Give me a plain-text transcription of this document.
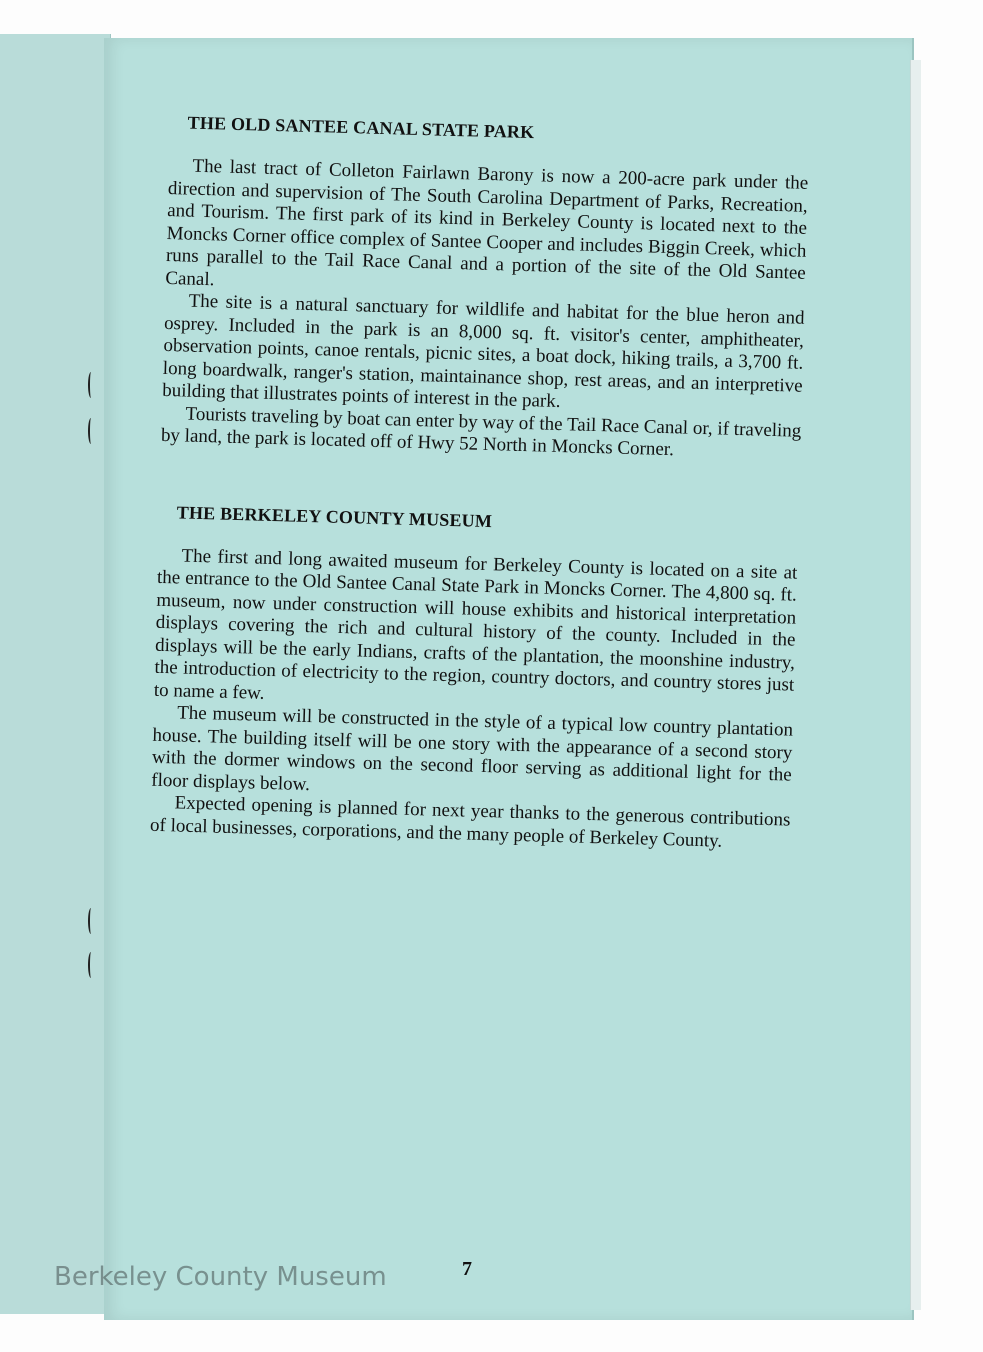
THE OLD SANTEE CANAL STATE PARK

The last tract of Colleton Fairlawn Barony is now a 200-acre park under the direction and supervision of The South Carolina Department of Parks, Recreation, and Tourism. The first park of its kind in Berkeley County is located next to the Moncks Corner office complex of Santee Cooper and includes Biggin Creek, which runs parallel to the Tail Race Canal and a portion of the site of the Old Santee Canal.

The site is a natural sanctuary for wildlife and habitat for the blue heron and osprey. Included in the park is an 8,000 sq. ft. visitor's center, amphitheater, observation points, canoe rentals, picnic sites, a boat dock, hiking trails, a 3,700 ft. long boardwalk, ranger's station, maintainance shop, rest areas, and an interpretive building that illustrates points of interest in the park.

Tourists traveling by boat can enter by way of the Tail Race Canal or, if traveling by land, the park is located off of Hwy 52 North in Moncks Corner.

THE BERKELEY COUNTY MUSEUM

The first and long awaited museum for Berkeley County is located on a site at the entrance to the Old Santee Canal State Park in Moncks Corner. The 4,800 sq. ft. museum, now under construction will house exhibits and historical interpretation displays covering the rich and cultural history of the county. Included in the displays will be the early Indians, crafts of the plantation, the moonshine industry, the introduction of electricity to the region, country doctors, and country stores just to name a few.

The museum will be constructed in the style of a typical low country plantation house. The building itself will be one story with the appearance of a second story with the dormer windows on the second floor serving as additional light for the floor displays below.

Expected opening is planned for next year thanks to the generous contributions of local businesses, corporations, and the many people of Berkeley County.

7
Berkeley County Museum
